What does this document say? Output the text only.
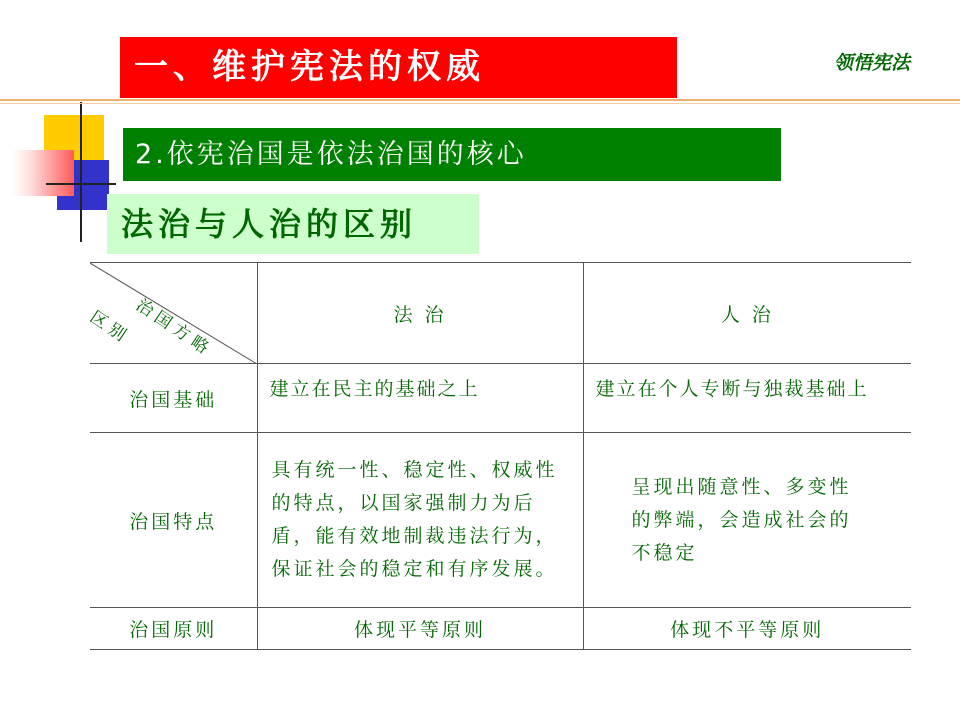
一、维护宪法的权威	领悟宪法
2.依宪治国是依法治国的核心
法治与人治的区别
治国方略
区别	法 治	人 治
治国基础	建立在民主的基础之上	建立在个人专断与独裁基础上
治国特点	具有统一性、稳定性、权威性的特点，以国家强制力为后盾，能有效地制裁违法行为，保证社会的稳定和有序发展。	呈现出随意性、多变性的弊端，会造成社会的不稳定
治国原则	体现平等原则	体现不平等原则
